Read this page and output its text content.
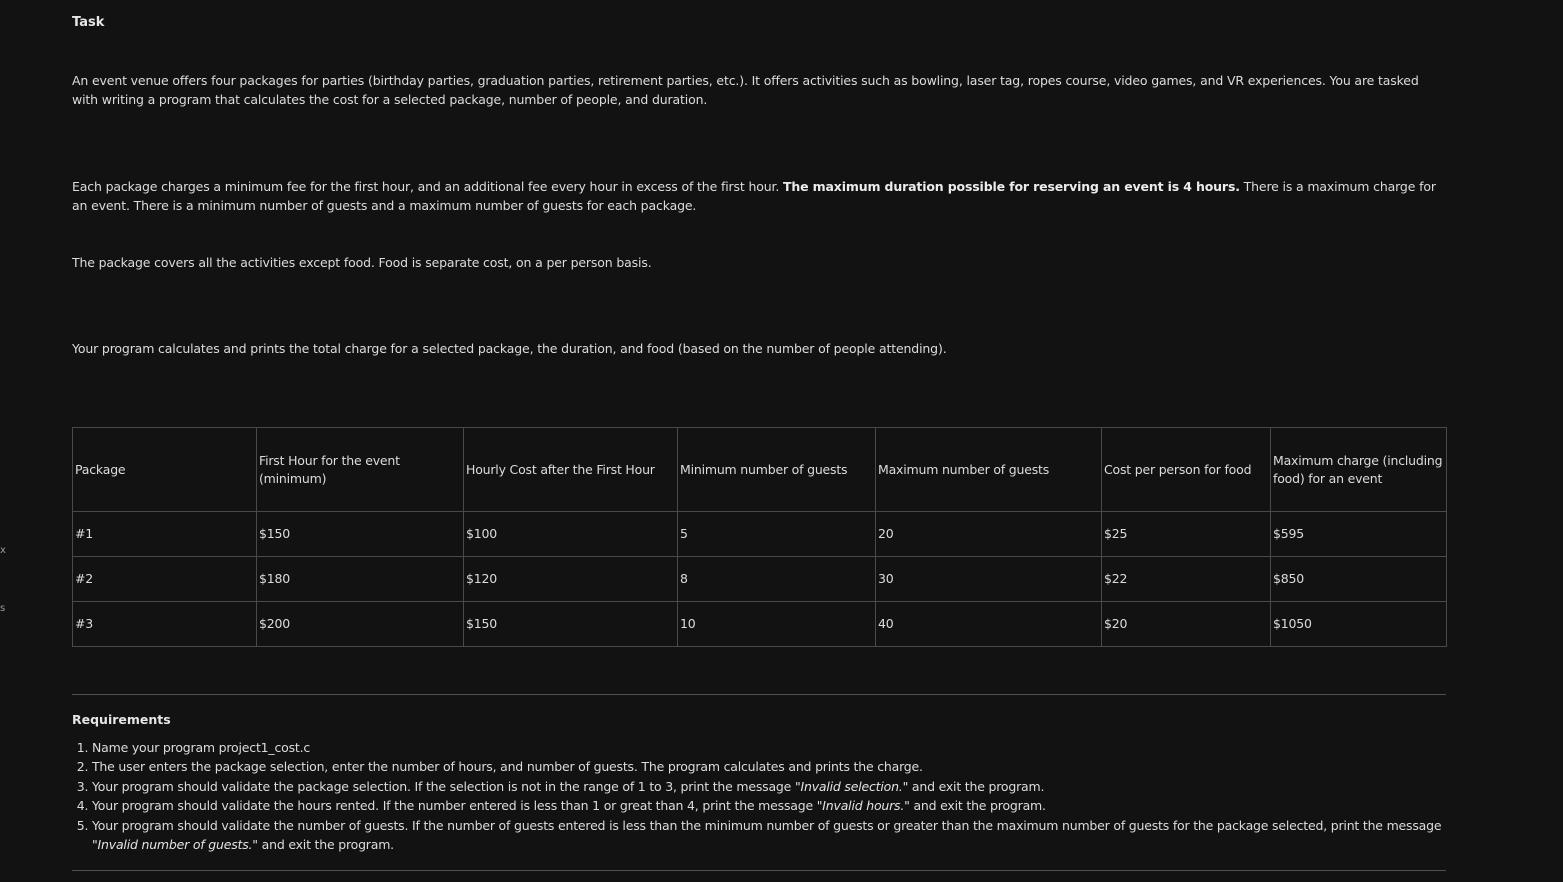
x
s
Task

An event venue offers four packages for parties (birthday parties, graduation parties, retirement parties, etc.). It offers activities such as bowling, laser tag, ropes course, video games, and VR experiences. You are tasked with writing a program that calculates the cost for a selected package, number of people, and duration.

Each package charges a minimum fee for the first hour, and an additional fee every hour in excess of the first hour. The maximum duration possible for reserving an event is 4 hours. There is a maximum charge for an event. There is a minimum number of guests and a maximum number of guests for each package.

The package covers all the activities except food. Food is separate cost, on a per person basis.

Your program calculates and prints the total charge for a selected package, the duration, and food (based on the number of people attending).

Package	First Hour for the event (minimum)	Hourly Cost after the First Hour	Minimum number of guests	Maximum number of guests	Cost per person for food	Maximum charge (including food) for an event
#1	$150	$100	5	20	$25	$595
#2	$180	$120	8	30	$22	$850
#3	$200	$150	10	40	$20	$1050
Requirements
1. Name your program project1_cost.c
2. The user enters the package selection, enter the number of hours, and number of guests. The program calculates and prints the charge.
3. Your program should validate the package selection. If the selection is not in the range of 1 to 3, print the message "Invalid selection." and exit the program.
4. Your program should validate the hours rented. If the number entered is less than 1 or great than 4, print the message "Invalid hours." and exit the program.
5. Your program should validate the number of guests. If the number of guests entered is less than the minimum number of guests or greater than the maximum number of guests for the package selected, print the message "Invalid number of guests." and exit the program.
